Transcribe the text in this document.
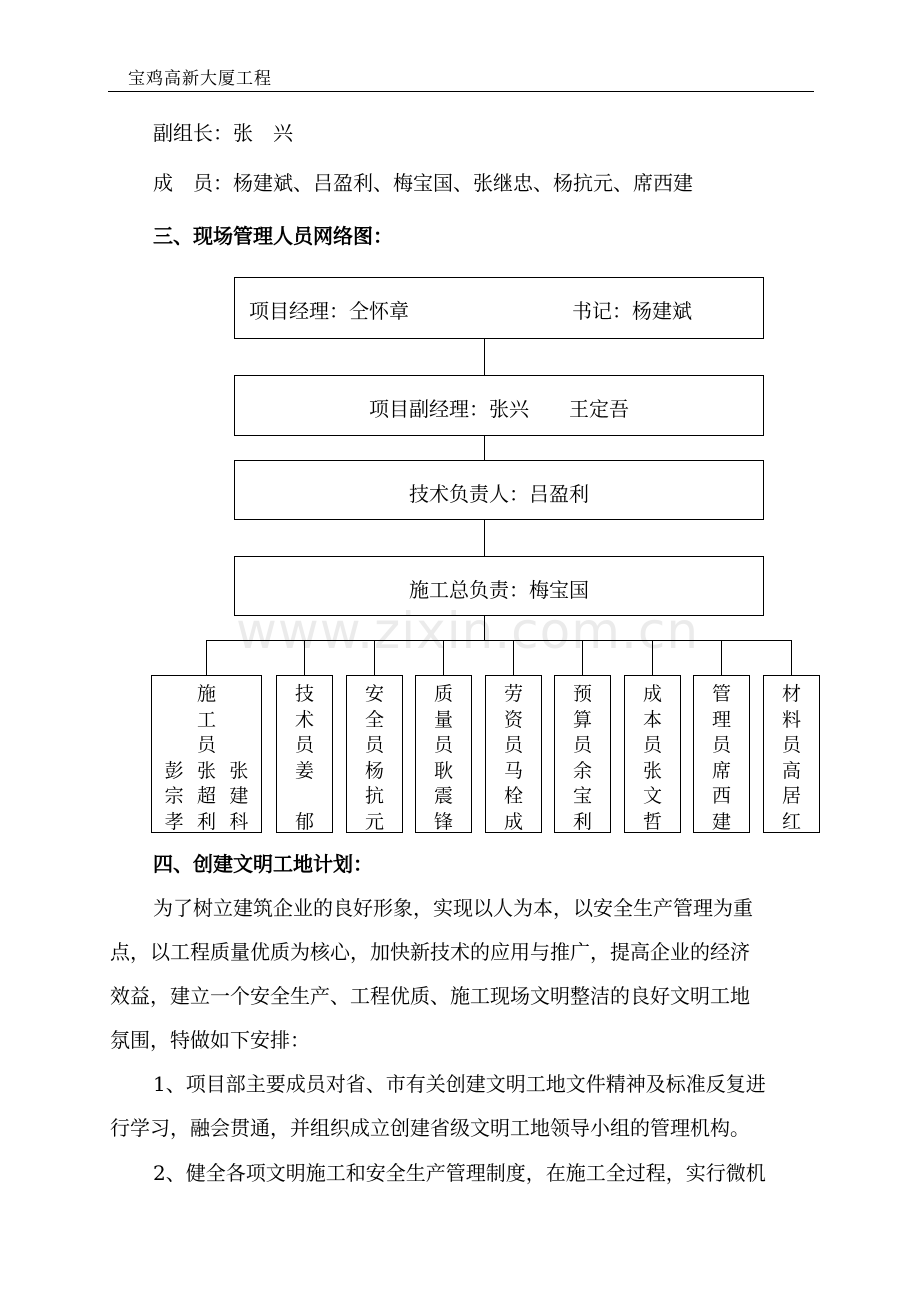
宝鸡高新大厦工程
副组长：张　兴
成　员：杨建斌、吕盈利、梅宝国、张继忠、杨抗元、席西建
三、现场管理人员网络图：
项目经理：仝怀章	书记：杨建斌
项目副经理：张兴　　王定吾
技术负责人：吕盈利
施工总负责：梅宝国
施
工
员
彭 张 张
宗 超 建
孝 利 科
技
术
员
姜
郁
安
全
员
杨
抗
元
质
量
员
耿
震
锋
劳
资
员
马
栓
成
预
算
员
余
宝
利
成
本
员
张
文
哲
管
理
员
席
西
建
材
料
员
高
居
红
www.zixin.com.cn
四、创建文明工地计划：
为了树立建筑企业的良好形象，实现以人为本，以安全生产管理为重
点，以工程质量优质为核心，加快新技术的应用与推广，提高企业的经济
效益，建立一个安全生产、工程优质、施工现场文明整洁的良好文明工地
氛围，特做如下安排：
1、项目部主要成员对省、市有关创建文明工地文件精神及标准反复进
行学习，融会贯通，并组织成立创建省级文明工地领导小组的管理机构。
2、健全各项文明施工和安全生产管理制度，在施工全过程，实行微机
